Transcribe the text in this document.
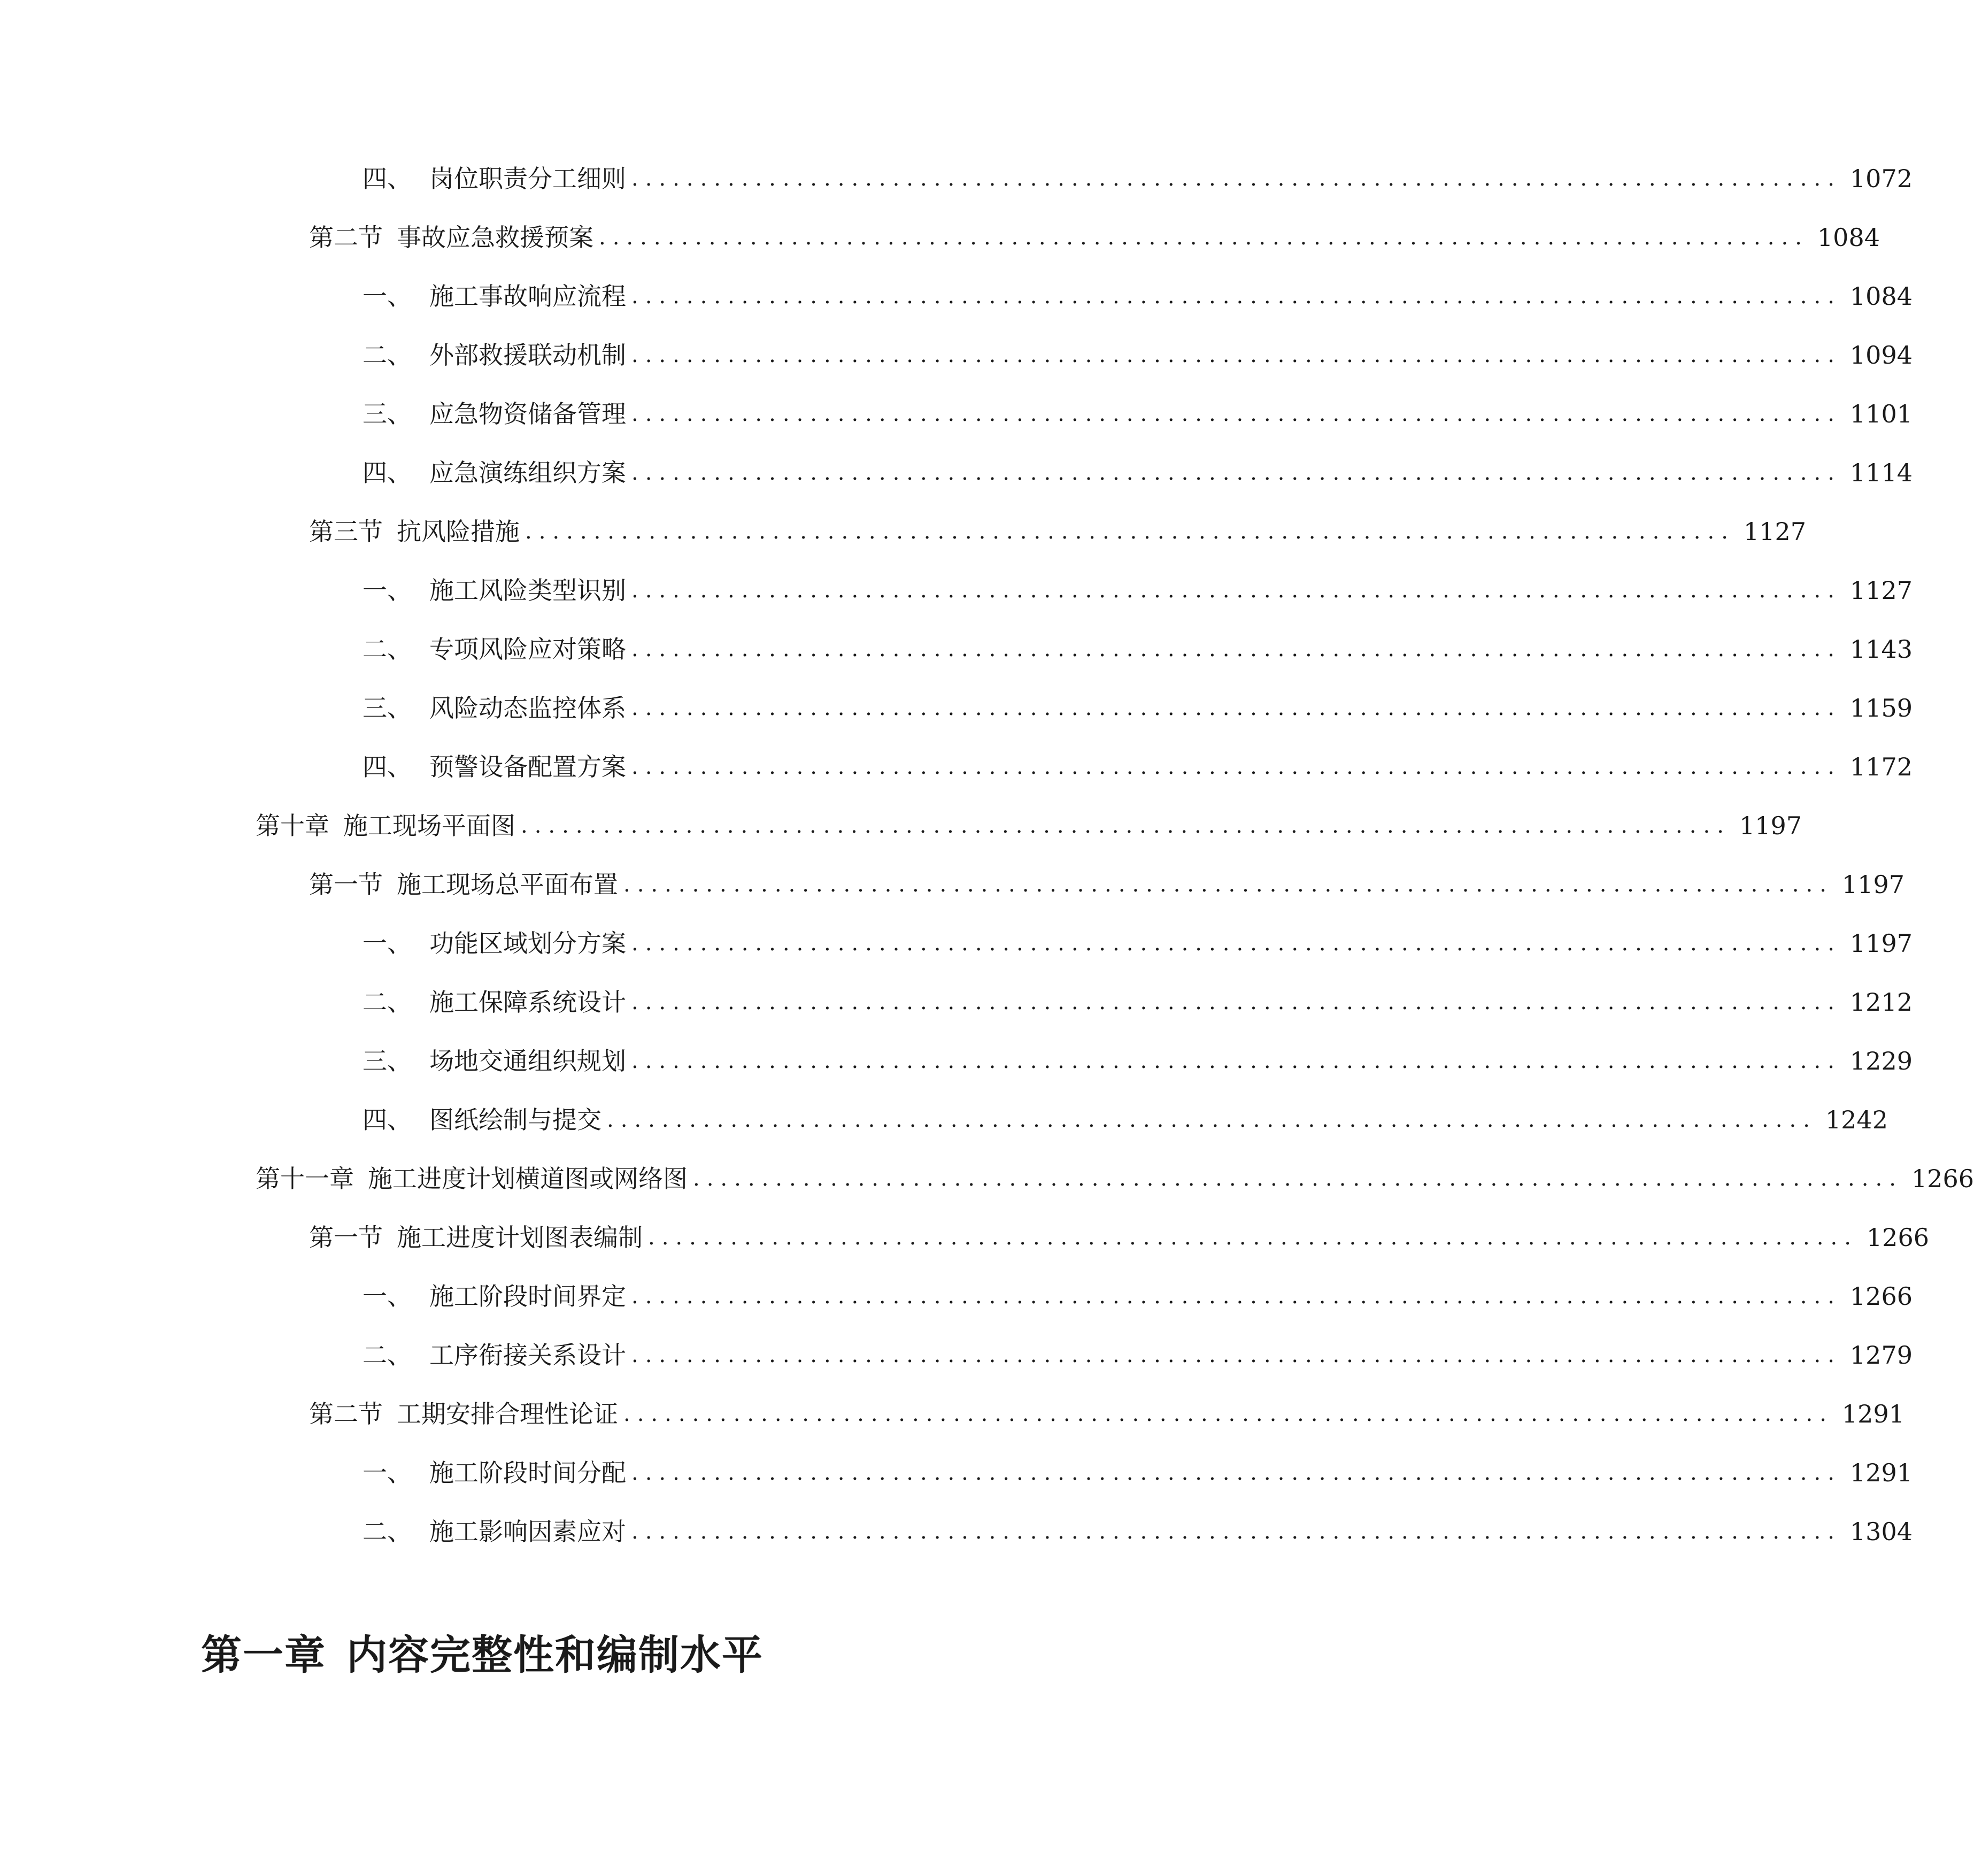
四、 岗位职责分工细则 ........................................................................................ 1072
第二节 事故应急救援预案 ........................................................................................ 1084
一、 施工事故响应流程 ........................................................................................ 1084
二、 外部救援联动机制 ........................................................................................ 1094
三、 应急物资储备管理 ........................................................................................ 1101
四、 应急演练组织方案 ........................................................................................ 1114
第三节 抗风险措施 ........................................................................................ 1127
一、 施工风险类型识别 ........................................................................................ 1127
二、 专项风险应对策略 ........................................................................................ 1143
三、 风险动态监控体系 ........................................................................................ 1159
四、 预警设备配置方案 ........................................................................................ 1172
第十章 施工现场平面图 ........................................................................................ 1197
第一节 施工现场总平面布置 ........................................................................................ 1197
一、 功能区域划分方案 ........................................................................................ 1197
二、 施工保障系统设计 ........................................................................................ 1212
三、 场地交通组织规划 ........................................................................................ 1229
四、 图纸绘制与提交 ........................................................................................ 1242
第十一章 施工进度计划横道图或网络图 ........................................................................................ 1266
第一节 施工进度计划图表编制 ........................................................................................ 1266
一、 施工阶段时间界定 ........................................................................................ 1266
二、 工序衔接关系设计 ........................................................................................ 1279
第二节 工期安排合理性论证 ........................................................................................ 1291
一、 施工阶段时间分配 ........................................................................................ 1291
二、 施工影响因素应对 ........................................................................................ 1304
第一章 内容完整性和编制水平
